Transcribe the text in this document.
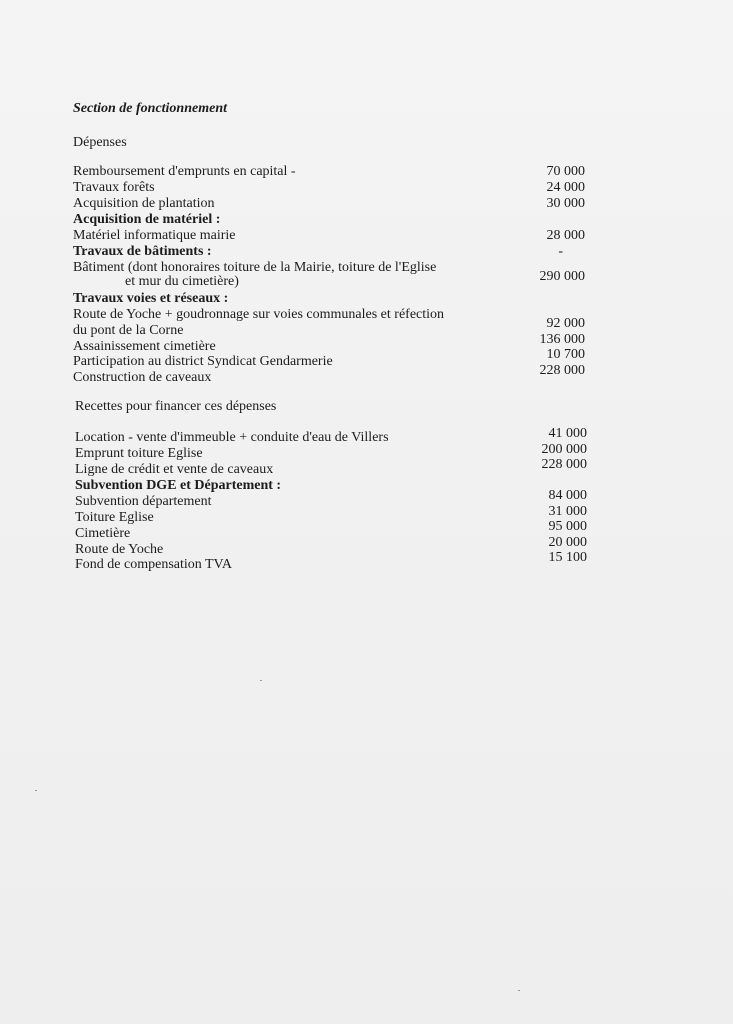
Section de fonctionnement
Dépenses
Remboursement d'emprunts en capital -	70 000
Travaux forêts	24 000
Acquisition de plantation	30 000
Acquisition de matériel :
Matériel informatique mairie	28 000
Travaux de bâtiments :	-
Bâtiment (dont honoraires toiture de la Mairie, toiture de l'Eglise
et mur du cimetière)	290 000
Travaux voies et réseaux :
Route de Yoche + goudronnage sur voies communales et réfection
du pont de la Corne	92 000
Assainissement cimetière	136 000
Participation au district Syndicat Gendarmerie	10 700
Construction de caveaux	228 000
Recettes pour financer ces dépenses
Location - vente d'immeuble + conduite d'eau de Villers	41 000
Emprunt toiture Eglise	200 000
Ligne de crédit et vente de caveaux	228 000
Subvention DGE et Département :
Subvention département	84 000
Toiture Eglise	31 000
Cimetière	95 000
Route de Yoche	20 000
Fond de compensation TVA	15 100
